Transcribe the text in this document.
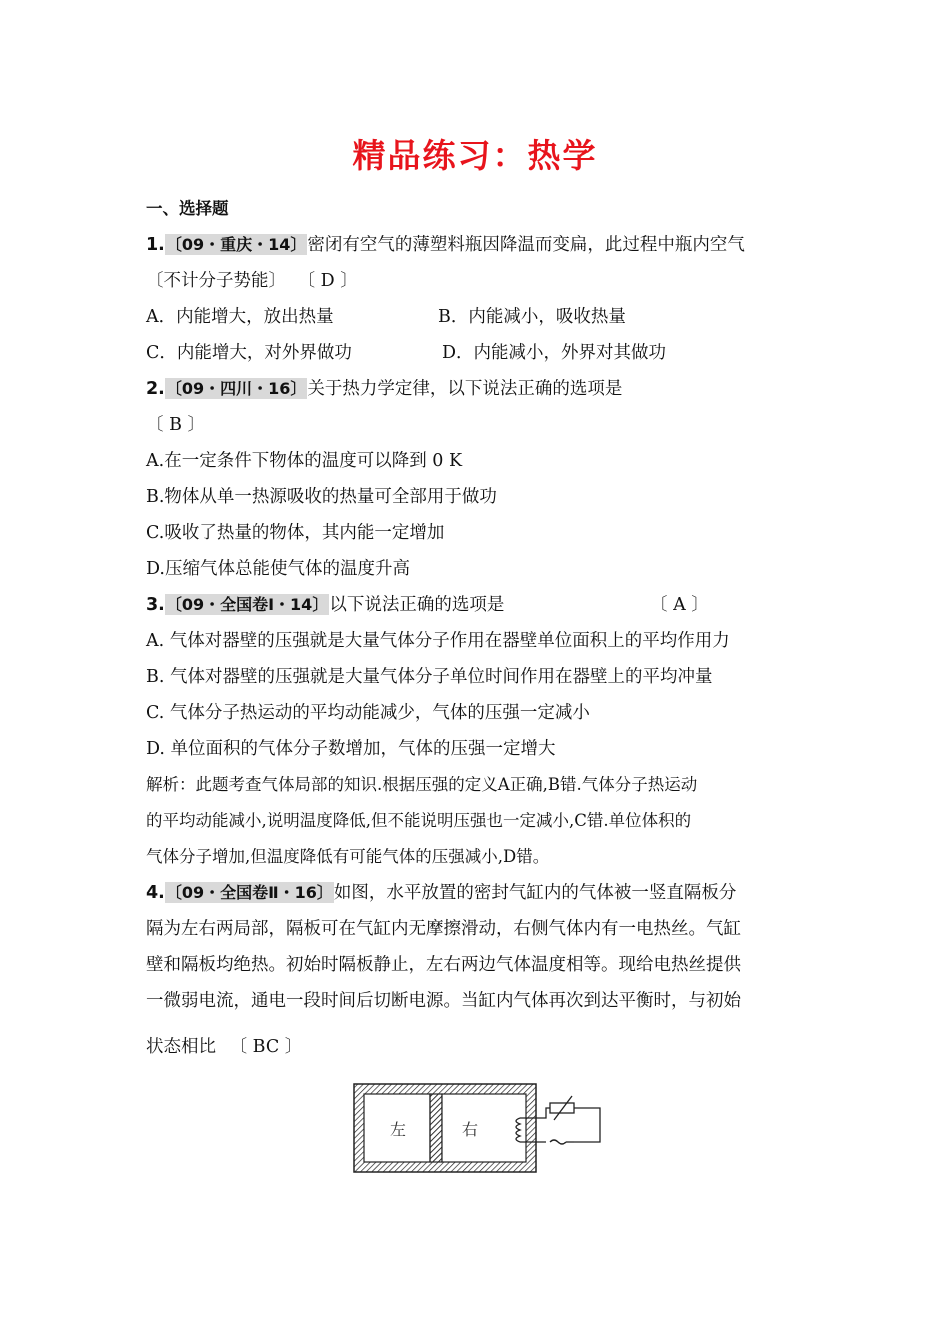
精品练习：热学
一、选择题
1.〔09・重庆・14〕密闭有空气的薄塑料瓶因降温而变扁，此过程中瓶内空气
〔不计分子势能〕 〔 D 〕
A．内能增大，放出热量	B．内能减小，吸收热量
C．内能增大，对外界做功	D．内能减小，外界对其做功
2.〔09・四川・16〕关于热力学定律，以下说法正确的选项是
〔 B 〕
A.在一定条件下物体的温度可以降到 0 K
B.物体从单一热源吸收的热量可全部用于做功
C.吸收了热量的物体，其内能一定增加
D.压缩气体总能使气体的温度升高
3.〔09・全国卷Ⅰ・14〕以下说法正确的选项是	〔 A 〕
A. 气体对器壁的压强就是大量气体分子作用在器壁单位面积上的平均作用力
B. 气体对器壁的压强就是大量气体分子单位时间作用在器壁上的平均冲量
C. 气体分子热运动的平均动能减少，气体的压强一定减小
D. 单位面积的气体分子数增加，气体的压强一定增大
解析：此题考查气体局部的知识.根据压强的定义A正确,B错.气体分子热运动
的平均动能减小,说明温度降低,但不能说明压强也一定减小,C错.单位体积的
气体分子增加,但温度降低有可能气体的压强减小,D错。
4.〔09・全国卷Ⅱ・16〕如图，水平放置的密封气缸内的气体被一竖直隔板分
隔为左右两局部，隔板可在气缸内无摩擦滑动，右侧气体内有一电热丝。气缸
壁和隔板均绝热。初始时隔板静止，左右两边气体温度相等。现给电热丝提供
一微弱电流，通电一段时间后切断电源。当缸内气体再次到达平衡时，与初始
状态相比 〔 BC 〕
左	右
